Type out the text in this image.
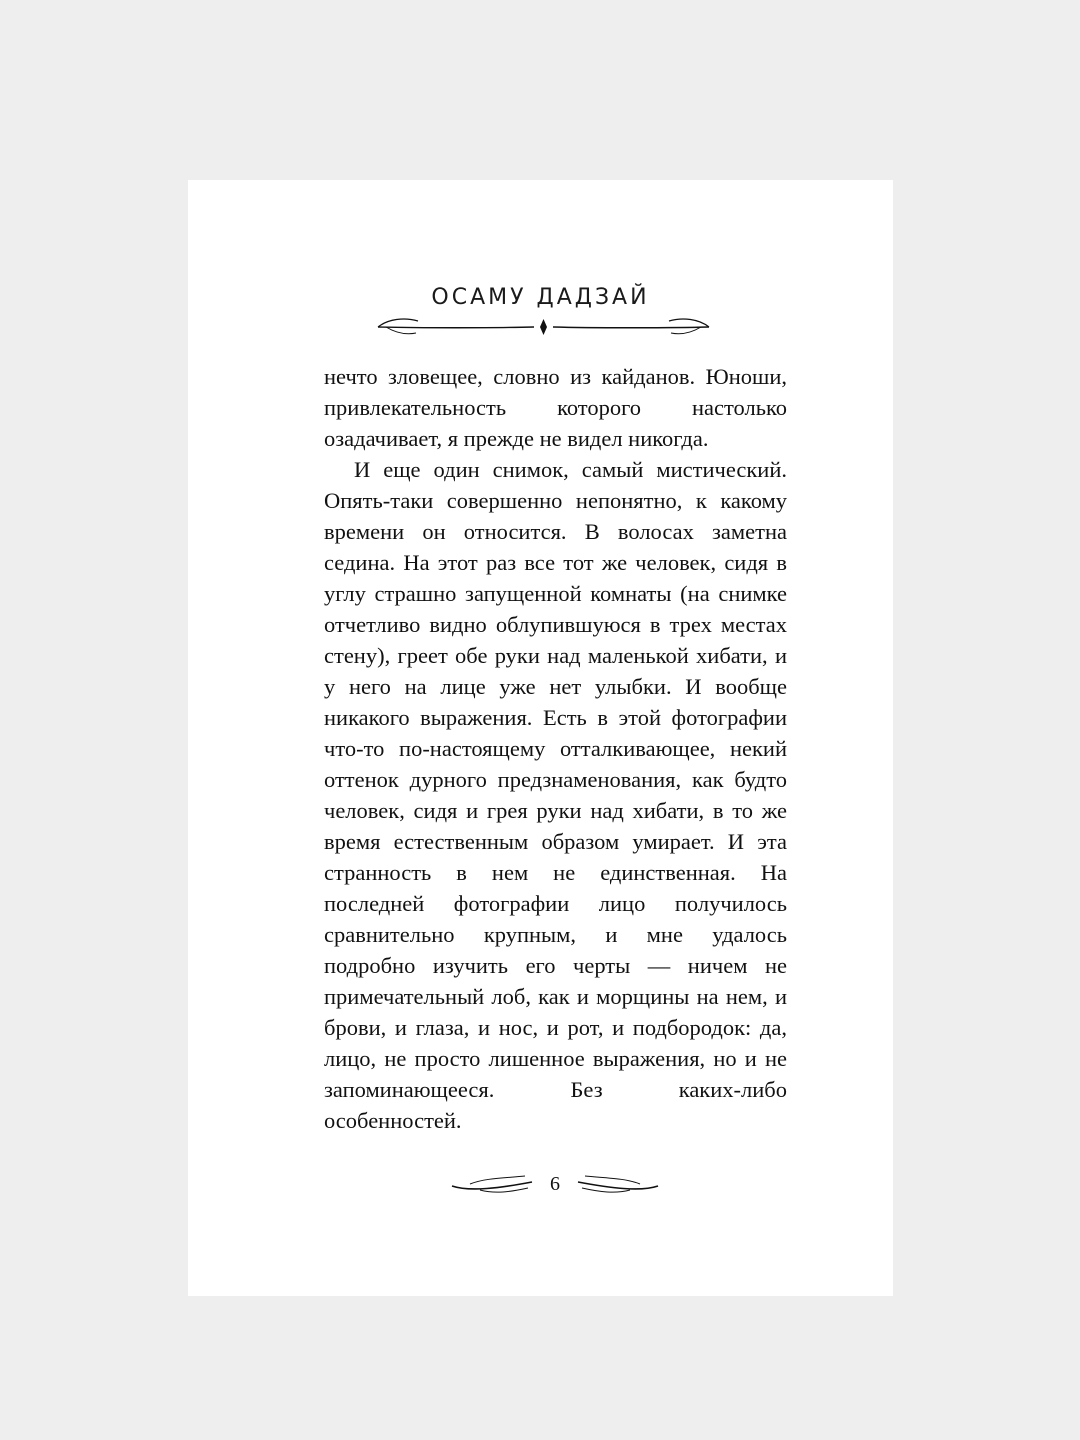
ОСАМУ ДАДЗАЙ

нечто зловещее, словно из кайданов. Юноши, привлекательность которого настолько озадачивает, я прежде не видел никогда.

И еще один снимок, самый мистический. Опять-таки совершенно непонятно, к какому времени он относится. В волосах заметна седина. На этот раз все тот же человек, сидя в углу страшно запущенной комнаты (на снимке отчетливо видно облупившуюся в трех местах стену), греет обе руки над маленькой хибати, и у него на лице уже нет улыбки. И вообще никакого выражения. Есть в этой фотографии что-то по-настоящему отталкивающее, некий оттенок дурного предзнаменования, как будто человек, сидя и грея руки над хибати, в то же время естественным образом умирает. И эта странность в нем не единственная. На последней фотографии лицо получилось сравнительно крупным, и мне удалось подробно изучить его черты — ничем не примечательный лоб, как и морщины на нем, и брови, и глаза, и нос, и рот, и подбородок: да, лицо, не просто лишенное выражения, но и не запоминающееся. Без каких-либо особенностей.

6
